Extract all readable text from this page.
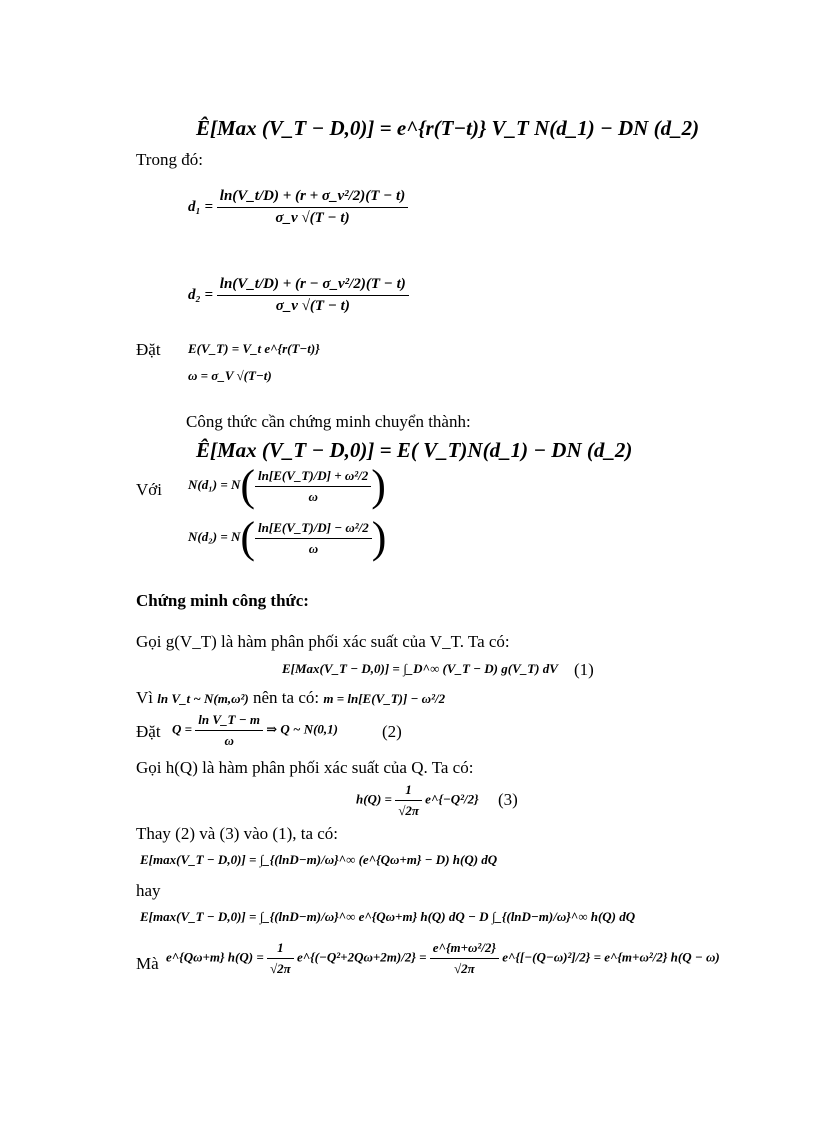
Ê[Max (V_T − D,0)] = e^{r(T−t)} V_T N(d_1) − DN (d_2)
Trong đó:
$d_1 = \frac{\text{ln(V\_t/D) + (r + σ\_v²/2)(T − t)}}{\sigma\_v √(T - t)}$
$d_2 = \frac{\text{ln(V\_t/D) + (r − σ\_v²/2)(T − t)}}{\sigma\_v √(T - t)}$
Đặt E(V_T) = V_t e^{r(T−t)}
ω = σ_V √(T−t)
Công thức cần chứng minh chuyển thành:
Ê[Max (V_T − D,0)] = E( V_T)N(d_1) − DN (d_2)
Với $N(d_1) = N( \frac{\text{ln[E(V\_T)/D] + ω²/2}}{\omega}$ )
$N(d_2) = N( \frac{\text{ln[E(V\_T)/D] − ω²/2}}{\omega}$ )
Chứng minh công thức:
Gọi g(V_T) là hàm phân phối xác suất của V_T. Ta có:
E[Max(V_T − D,0)] = ∫_D^∞ (V_T − D) g(V_T) dV (1)
Vì ln V_t ~ N(m,ω²) nên ta có: m = ln[E(V_T)] − ω²/2
Đặt $Q = \frac{\text{ln V\_T − m}}{\omega}$ ⇒ Q ~ N(0,1)	(2)
Gọi h(Q) là hàm phân phối xác suất của Q. Ta có:
$h(Q) = \frac{1}{√2\pi}$ e^{−Q²/2} (3)
Thay (2) và (3) vào (1), ta có:
E[max(V_T − D,0)] = ∫_{(lnD−m)/ω}^∞ (e^{Qω+m} − D) h(Q) dQ
hay
E[max(V_T − D,0)] = ∫_{(lnD−m)/ω}^∞ e^{Qω+m} h(Q) dQ − D ∫_{(lnD−m)/ω}^∞ h(Q) dQ
Mà e^{Qω+m} $h(Q) = \frac{1}{√2\pi}$ e^{(−Q²+2Qω+2m)/2} = $\frac{\text{e\textasciicircum{}\{m+ω²/2\}}}{√2\pi}$ e^{[−(Q−ω)²]/2} = e^{m+ω²/2} h(Q − ω)
